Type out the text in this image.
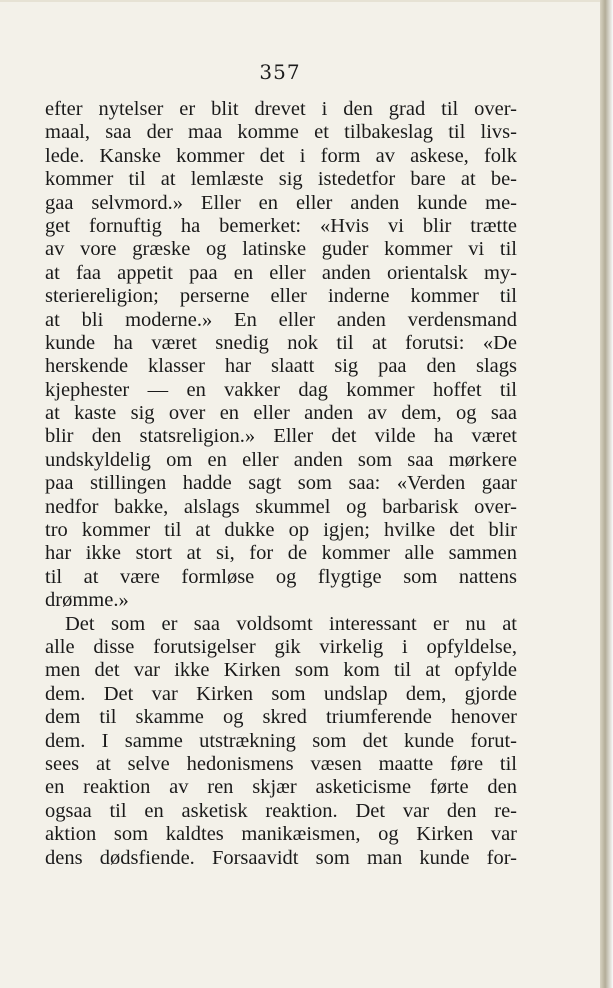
357
efter nytelser er blit drevet i den grad til over-
maal, saa der maa komme et tilbakeslag til livs-
lede. Kanske kommer det i form av askese, folk
kommer til at lemlæste sig istedetfor bare at be-
gaa selvmord.» Eller en eller anden kunde me-
get fornuftig ha bemerket: «Hvis vi blir trætte
av vore græske og latinske guder kommer vi til
at faa appetit paa en eller anden orientalsk my-
steriereligion; perserne eller inderne kommer til
at bli moderne.» En eller anden verdensmand
kunde ha været snedig nok til at forutsi: «De
herskende klasser har slaatt sig paa den slags
kjephester — en vakker dag kommer hoffet til
at kaste sig over en eller anden av dem, og saa
blir den statsreligion.» Eller det vilde ha været
undskyldelig om en eller anden som saa mørkere
paa stillingen hadde sagt som saa: «Verden gaar
nedfor bakke, alslags skummel og barbarisk over-
tro kommer til at dukke op igjen; hvilke det blir
har ikke stort at si, for de kommer alle sammen
til at være formløse og flygtige som nattens
drømme.»
Det som er saa voldsomt interessant er nu at
alle disse forutsigelser gik virkelig i opfyldelse,
men det var ikke Kirken som kom til at opfylde
dem. Det var Kirken som undslap dem, gjorde
dem til skamme og skred triumferende henover
dem. I samme utstrækning som det kunde forut-
sees at selve hedonismens væsen maatte føre til
en reaktion av ren skjær asketicisme førte den
ogsaa til en asketisk reaktion. Det var den re-
aktion som kaldtes manikæismen, og Kirken var
dens dødsfiende. Forsaavidt som man kunde for-
